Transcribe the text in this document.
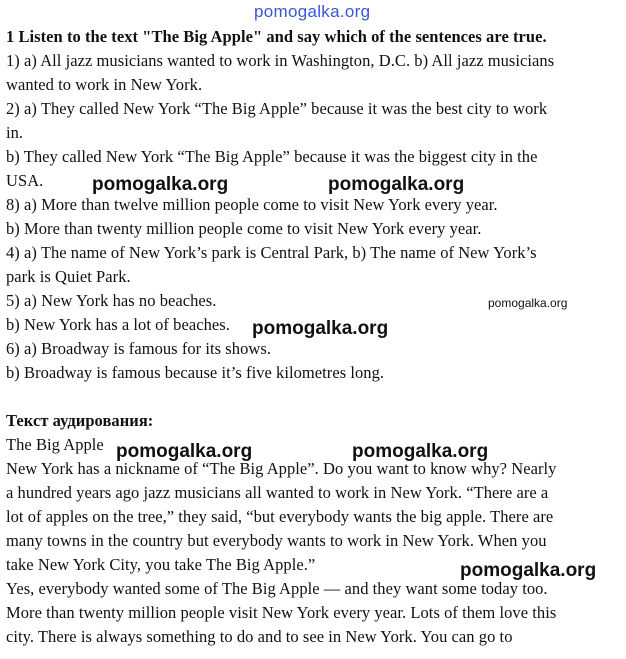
pomogalka.org
1 Listen to the text "The Big Apple" and say which of the sentences are true.
1) a) All jazz musicians wanted to work in Washington, D.C. b) All jazz musicians
wanted to work in New York.
2) a) They called New York “The Big Apple” because it was the best city to work
in.
b) They called New York “The Big Apple” because it was the biggest city in the
USA.
8) a) More than twelve million people come to visit New York every year.
b) More than twenty million people come to visit New York every year.
4) a) The name of New York’s park is Central Park, b) The name of New York’s
park is Quiet Park.
5) a) New York has no beaches.
b) New York has a lot of beaches.
6) a) Broadway is famous for its shows.
b) Broadway is famous because it’s five kilometres long.
Текст аудирования:
The Big Apple
New York has a nickname of “The Big Apple”. Do you want to know why? Nearly
a hundred years ago jazz musicians all wanted to work in New York. “There are a
lot of apples on the tree,” they said, “but everybody wants the big apple. There are
many towns in the country but everybody wants to work in New York. When you
take New York City, you take The Big Apple.”
Yes, everybody wanted some of The Big Apple — and they want some today too.
More than twenty million people visit New York every year. Lots of them love this
city. There is always something to do and to see in New York. You can go to
pomogalka.org	pomogalka.org
pomogalka.org
pomogalka.org
pomogalka.org	pomogalka.org
pomogalka.org
